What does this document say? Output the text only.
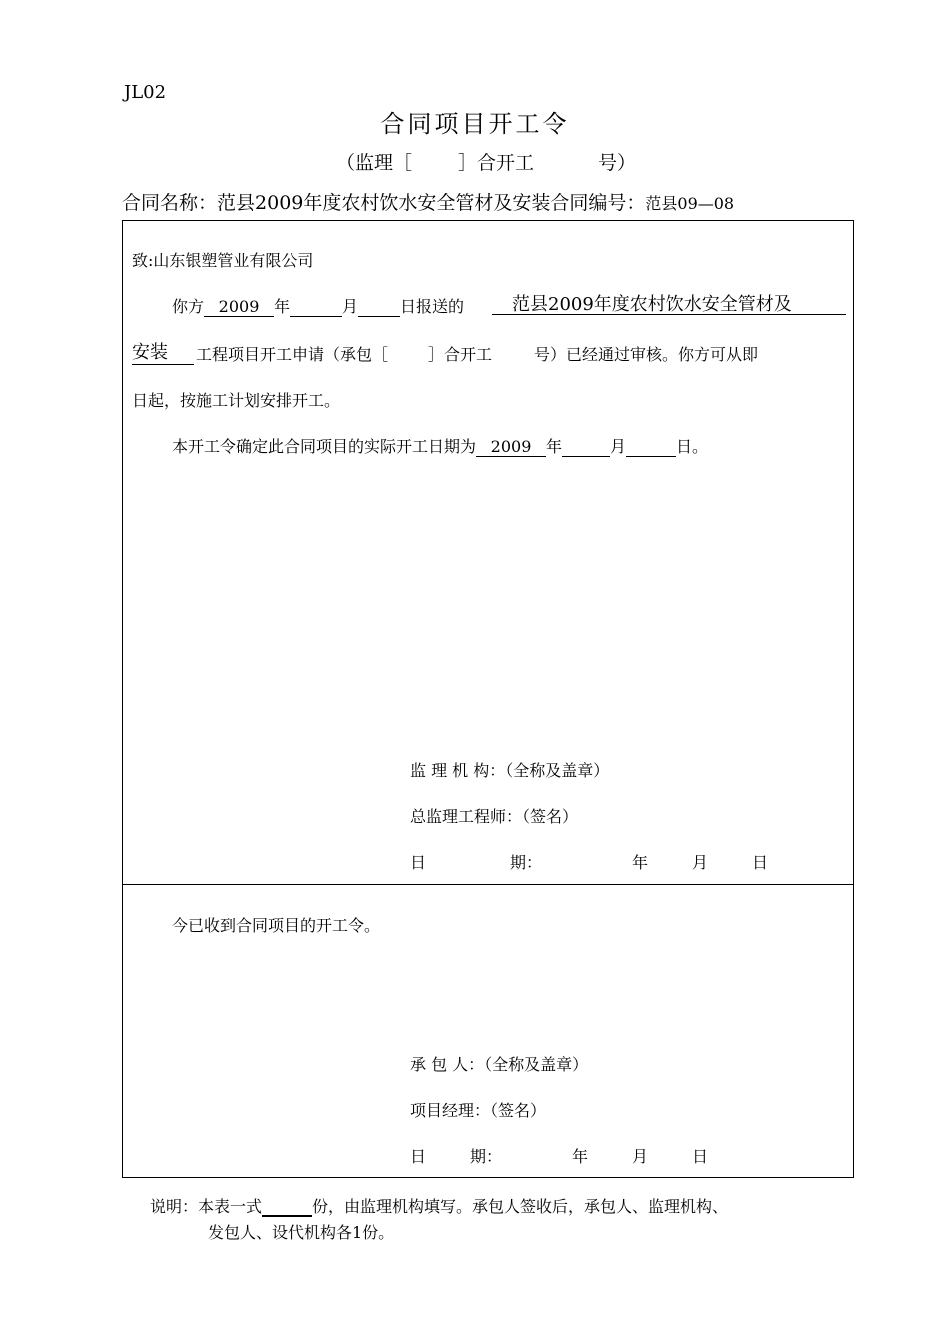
JL02
合同项目开工令
（监理［ ］合开工	号）
合同名称：范县2009年度农村饮水安全管材及安装合同编号：范县09—08
致:山东银塑管业有限公司
你方 2009 年	月	日报送的	范县2009年度农村饮水安全管材及
安装 工程项目开工申请（承包［	］合开工	号）已经通过审核。你方可从即
日起，按施工计划安排开工。
本开工令确定此合同项目的实际开工日期为 2009 年	月	日。
监 理 机 构：（全称及盖章）
总监理工程师：（签名）
日	期：	年	月	日
今已收到合同项目的开工令。
承 包 人：（全称及盖章）
项目经理：（签名）
日	期：	年	月	日
说明：本表一式	份，由监理机构填写。承包人签收后，承包人、监理机构、
发包人、设代机构各1份。
